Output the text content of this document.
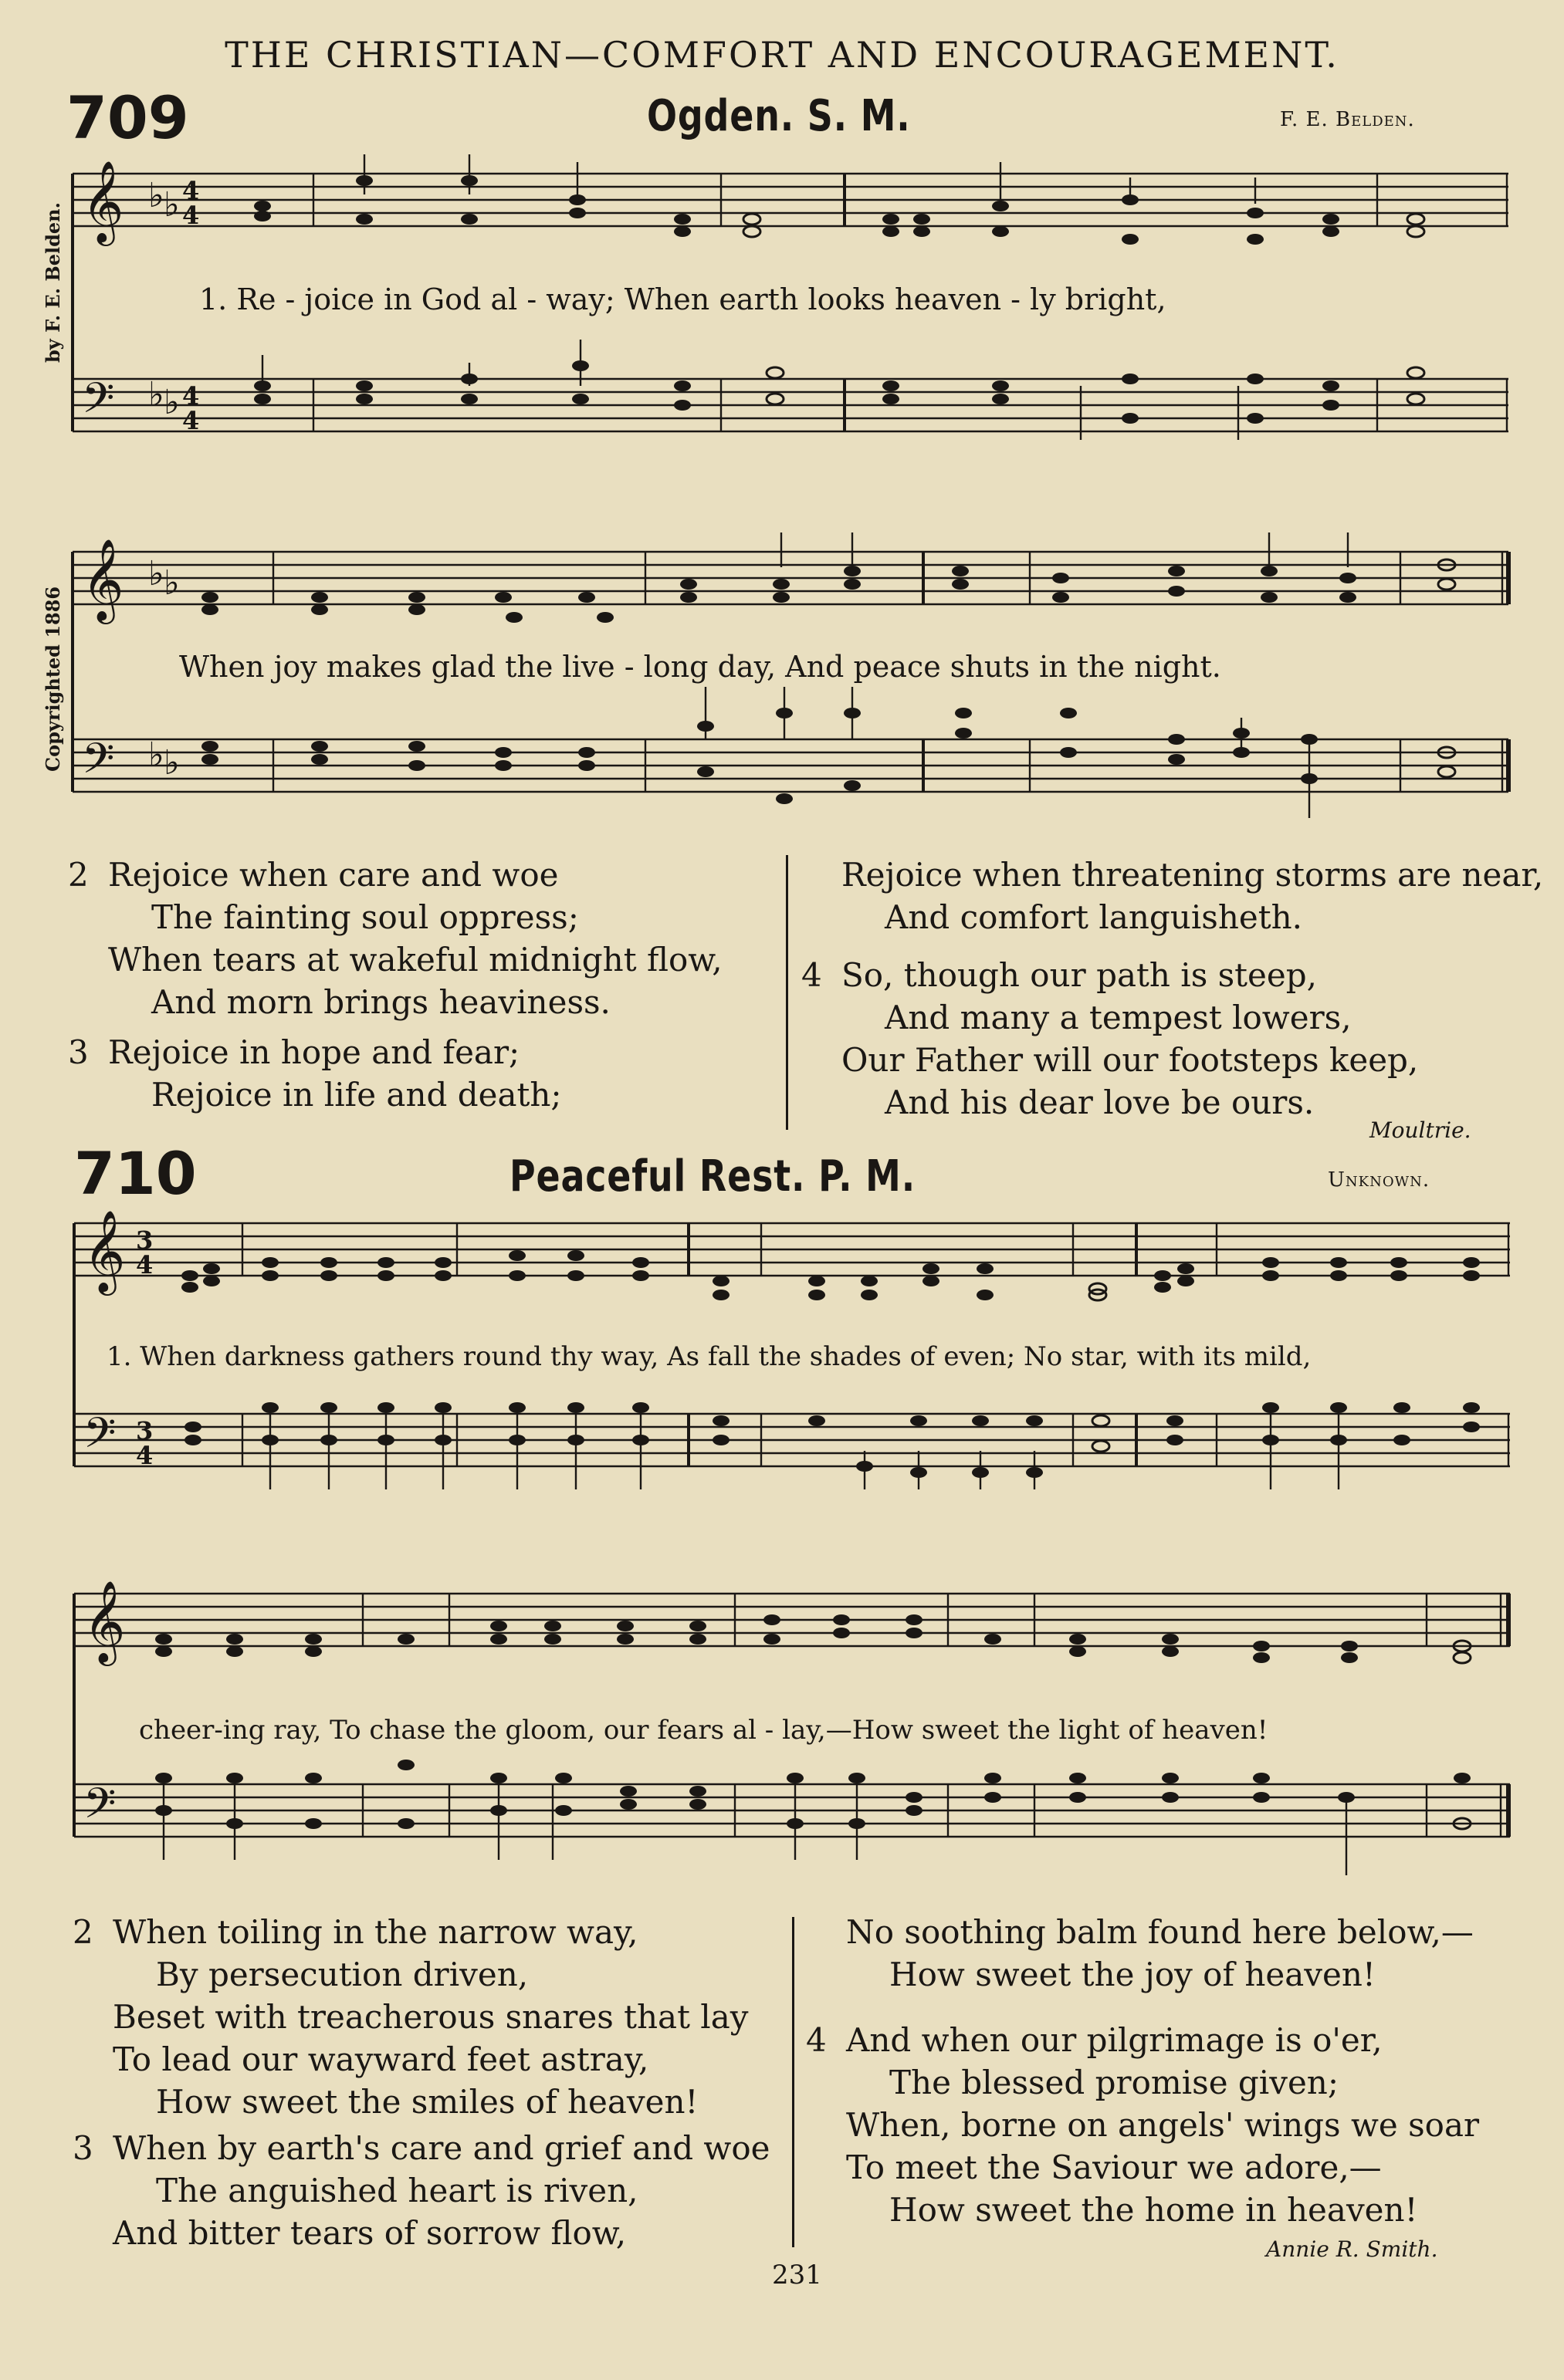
THE CHRISTIAN—COMFORT AND ENCOURAGEMENT.
709	Ogden. S. M.	F. E. Belden.
by F. E. Belden.
Copyrighted 1886
𝄞
𝄢
♭ ♭
♭ ♭
4
4
4
4
1. Re - joice in God al - way; When earth looks heaven - ly bright,
𝄞
𝄢
♭ ♭
♭ ♭
When joy makes glad the live - long day, And peace shuts in the night.
2 Rejoice when care and woe
The fainting soul oppress;
When tears at wakeful midnight flow,
And morn brings heaviness.
3 Rejoice in hope and fear;
Rejoice in life and death;
Rejoice when threatening storms are near,
And comfort languisheth.
4 So, though our path is steep,
And many a tempest lowers,
Our Father will our footsteps keep,
And his dear love be ours.
Moultrie.
710	Peaceful Rest. P. M.	Unknown.
𝄞
𝄢
3
4
3
4
1. When darkness gathers round thy way, As fall the shades of even; No star, with its mild,
𝄞
𝄢
cheer-ing ray, To chase the gloom, our fears al - lay,—How sweet the light of heaven!
2 When toiling in the narrow way,
By persecution driven,
Beset with treacherous snares that lay
To lead our wayward feet astray,
How sweet the smiles of heaven!
3 When by earth's care and grief and woe
The anguished heart is riven,
And bitter tears of sorrow flow,
No soothing balm found here below,—
How sweet the joy of heaven!
4 And when our pilgrimage is o'er,
The blessed promise given;
When, borne on angels' wings we soar
To meet the Saviour we adore,—
How sweet the home in heaven!
Annie R. Smith.
231
